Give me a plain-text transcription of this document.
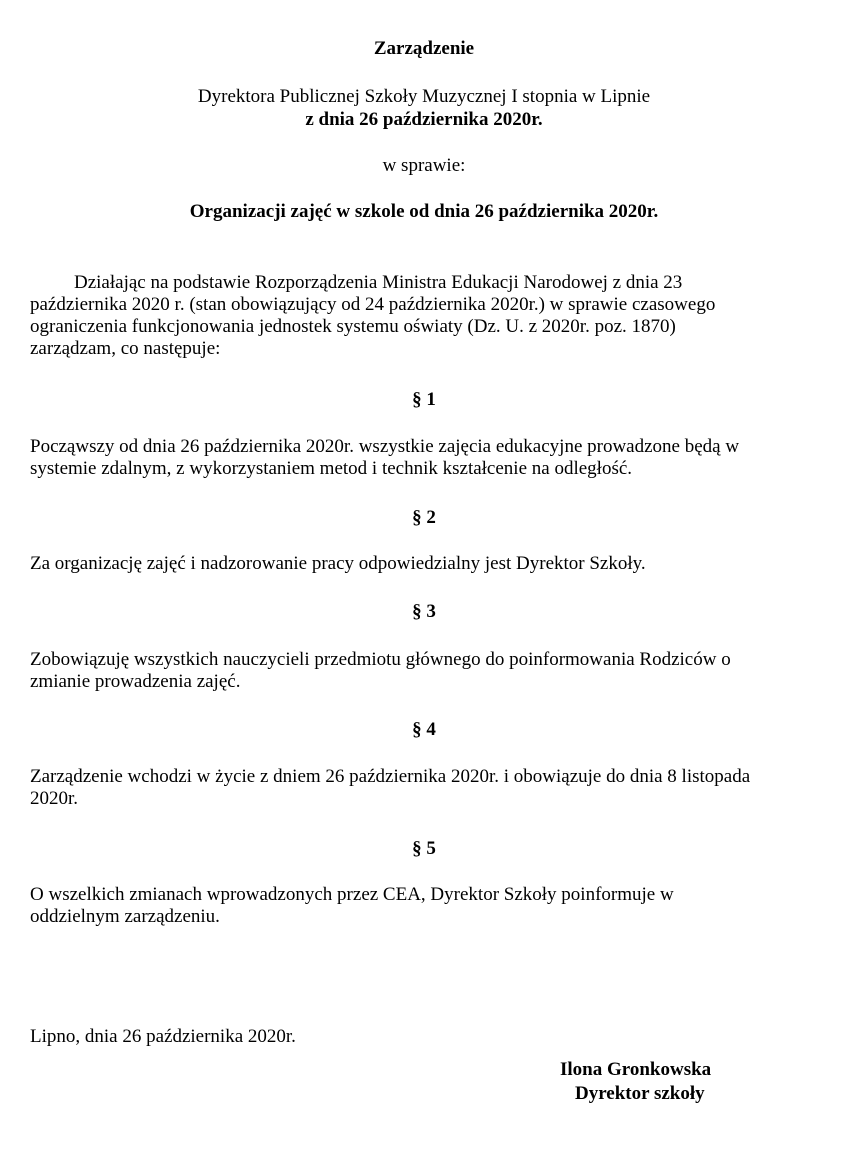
Zarządzenie
Dyrektora Publicznej Szkoły Muzycznej I stopnia w Lipnie
z dnia 26 października 2020r.
w sprawie:
Organizacji zajęć w szkole od dnia 26 października 2020r.
Działając na podstawie Rozporządzenia Ministra Edukacji Narodowej z dnia 23
października 2020 r. (stan obowiązujący od 24 października 2020r.) w sprawie czasowego
ograniczenia funkcjonowania jednostek systemu oświaty (Dz. U. z 2020r. poz. 1870)
zarządzam, co następuje:
§ 1
Począwszy od dnia 26 października 2020r. wszystkie zajęcia edukacyjne prowadzone będą w
systemie zdalnym, z wykorzystaniem metod i technik kształcenie na odległość.
§ 2
Za organizację zajęć i nadzorowanie pracy odpowiedzialny jest Dyrektor Szkoły.
§ 3
Zobowiązuję wszystkich nauczycieli przedmiotu głównego do poinformowania Rodziców o
zmianie prowadzenia zajęć.
§ 4
Zarządzenie wchodzi w życie z dniem 26 października 2020r. i obowiązuje do dnia 8 listopada
2020r.
§ 5
O wszelkich zmianach wprowadzonych przez CEA, Dyrektor Szkoły poinformuje w
oddzielnym zarządzeniu.
Lipno, dnia 26 października 2020r.
Ilona Gronkowska
Dyrektor szkoły
